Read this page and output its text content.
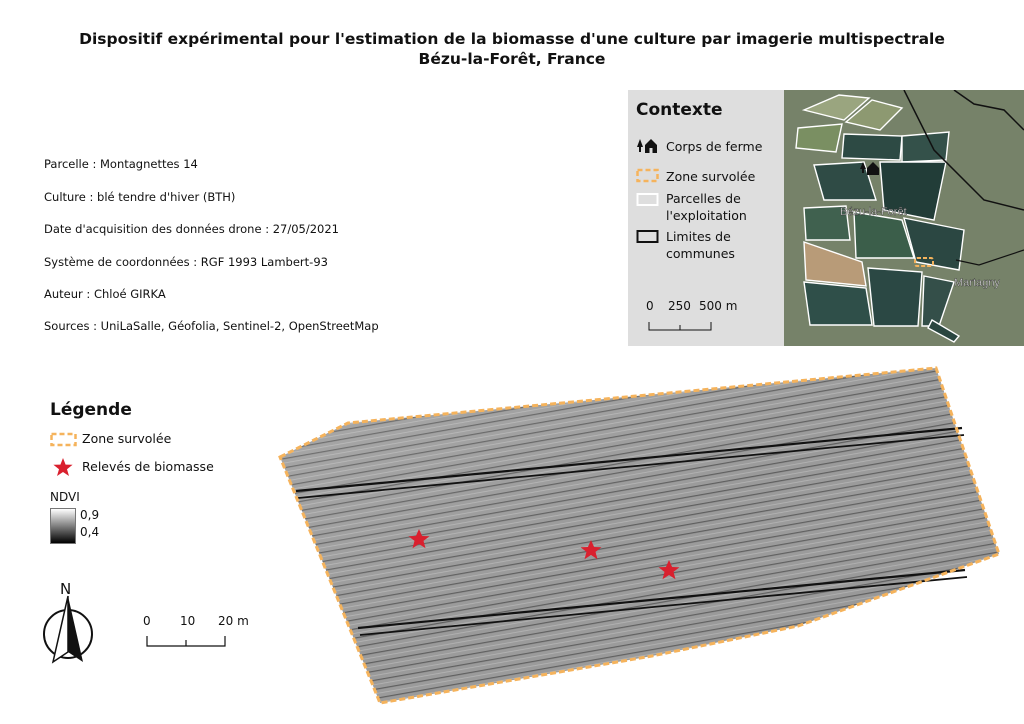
Dispositif expérimental pour l'estimation de la biomasse d'une culture par imagerie multispectrale
Bézu-la-Forêt, France
Parcelle : Montagnettes 14
Culture : blé tendre d'hiver (BTH)
Date d'acquisition des données drone : 27/05/2021
Système de coordonnées : RGF 1993 Lambert-93
Auteur : Chloé GIRKA
Sources : UniLaSalle, Géofolia, Sentinel-2, OpenStreetMap
Contexte
Corps de ferme
Zone survolée
Parcelles de
l'exploitation
Limites de
communes
0 250 500 m
Bézu-la-Forêt
Martagny
Légende
Zone survolée
Relevés de biomasse
NDVI
0,9
0,4
N
0 10 20 m
